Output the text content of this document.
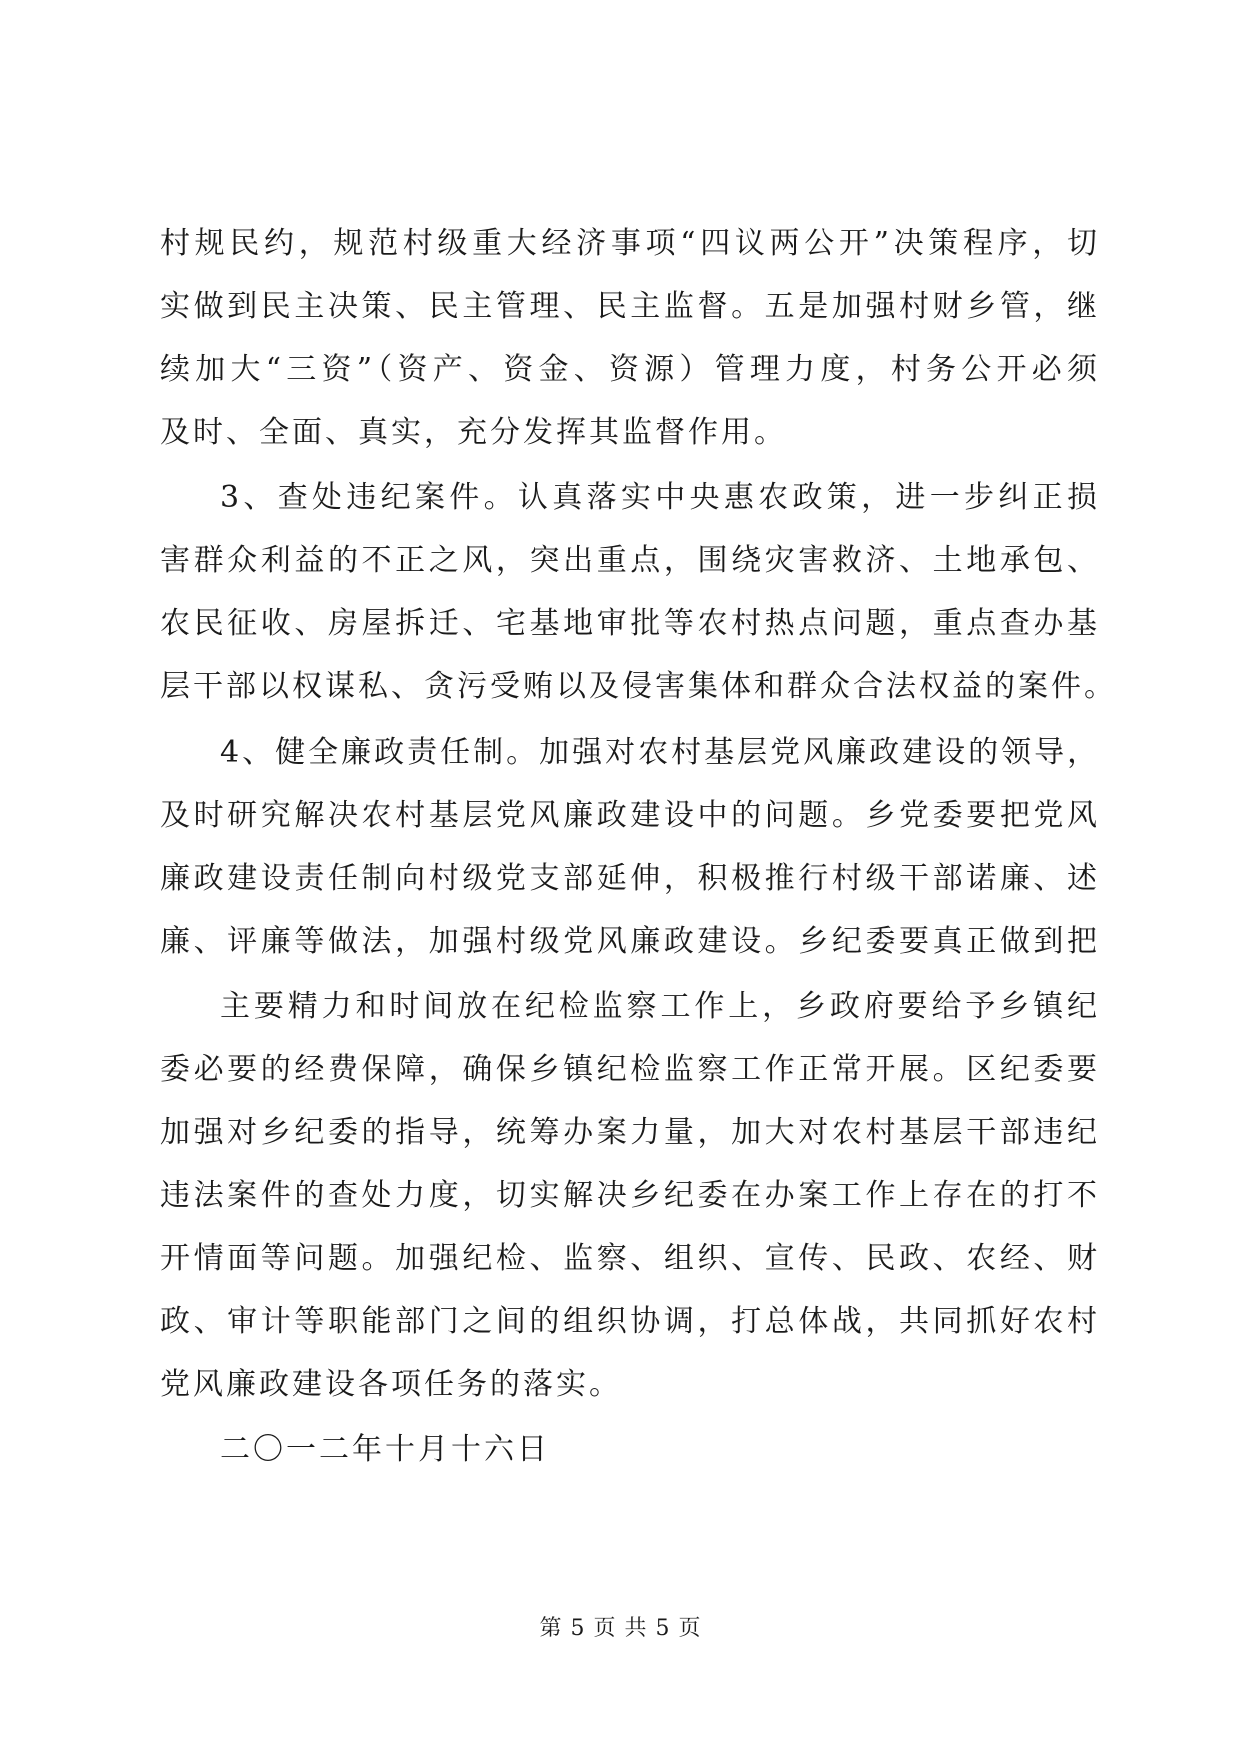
村规民约，规范村级重大经济事项“四议两公开”决策程序，切
实做到民主决策、民主管理、民主监督。五是加强村财乡管，继
续加大“三资”（资产、资金、资源）管理力度，村务公开必须
及时、全面、真实，充分发挥其监督作用。
3、查处违纪案件。认真落实中央惠农政策，进一步纠正损
害群众利益的不正之风，突出重点，围绕灾害救济、土地承包、
农民征收、房屋拆迁、宅基地审批等农村热点问题，重点查办基
层干部以权谋私、贪污受贿以及侵害集体和群众合法权益的案件。
4、健全廉政责任制。加强对农村基层党风廉政建设的领导，
及时研究解决农村基层党风廉政建设中的问题。乡党委要把党风
廉政建设责任制向村级党支部延伸，积极推行村级干部诺廉、述
廉、评廉等做法，加强村级党风廉政建设。乡纪委要真正做到把
主要精力和时间放在纪检监察工作上，乡政府要给予乡镇纪
委必要的经费保障，确保乡镇纪检监察工作正常开展。区纪委要
加强对乡纪委的指导，统筹办案力量，加大对农村基层干部违纪
违法案件的查处力度，切实解决乡纪委在办案工作上存在的打不
开情面等问题。加强纪检、监察、组织、宣传、民政、农经、财
政、审计等职能部门之间的组织协调，打总体战，共同抓好农村
党风廉政建设各项任务的落实。
二〇一二年十月十六日
第 5 页 共 5 页
